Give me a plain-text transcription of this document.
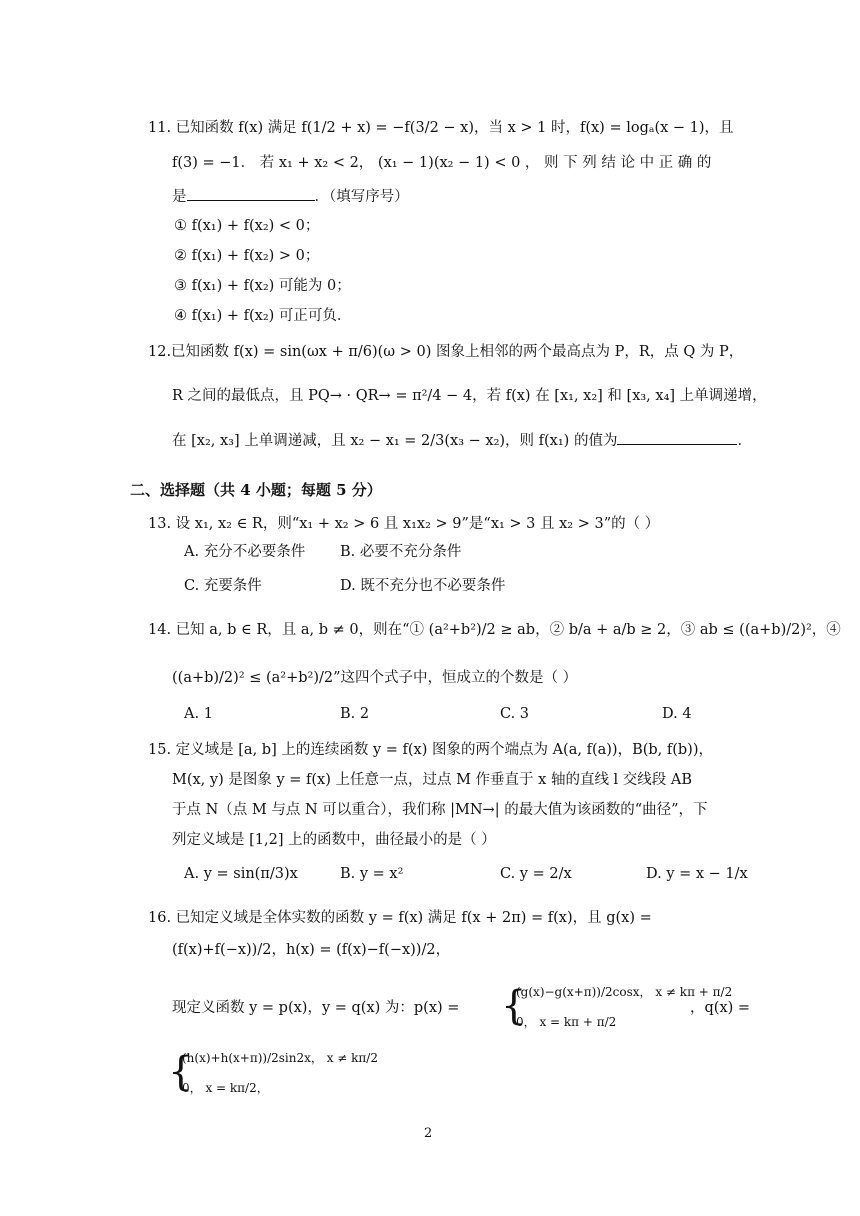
11. 已知函数 f(x) 满足 f(1/2 + x) = −f(3/2 − x)，当 x > 1 时，f(x) = logₐ(x − 1)，且
f(3) = −1． 若 x₁ + x₂ < 2， (x₁ − 1)(x₂ − 1) < 0 ， 则 下 列 结 论 中 正 确 的
是	．（填写序号）
① f(x₁) + f(x₂) < 0；
② f(x₁) + f(x₂) > 0；
③ f(x₁) + f(x₂) 可能为 0；
④ f(x₁) + f(x₂) 可正可负．
12.已知函数 f(x) = sin(ωx + π/6)(ω > 0) 图象上相邻的两个最高点为 P，R，点 Q 为 P，
R 之间的最低点，且 PQ→ · QR→ = π²/4 − 4，若 f(x) 在 [x₁, x₂] 和 [x₃, x₄] 上单调递增，
在 [x₂, x₃] 上单调递减，且 x₂ − x₁ = 2/3(x₃ − x₂)，则 f(x₁) 的值为	．
二、选择题（共 4 小题；每题 5 分）
13. 设 x₁, x₂ ∈ R，则“x₁ + x₂ > 6 且 x₁x₂ > 9”是“x₁ > 3 且 x₂ > 3”的（ ）
A. 充分不必要条件 B. 必要不充分条件
C. 充要条件	D. 既不充分也不必要条件
14. 已知 a, b ∈ R，且 a, b ≠ 0，则在“① (a²+b²)/2 ≥ ab，② b/a + a/b ≥ 2，③ ab ≤ ((a+b)/2)²，④
((a+b)/2)² ≤ (a²+b²)/2”这四个式子中，恒成立的个数是（ ）
A. 1	B. 2	C. 3	D. 4
15. 定义域是 [a, b] 上的连续函数 y = f(x) 图象的两个端点为 A(a, f(a))，B(b, f(b))，
M(x, y) 是图象 y = f(x) 上任意一点，过点 M 作垂直于 x 轴的直线 l 交线段 AB
于点 N（点 M 与点 N 可以重合），我们称 |MN→| 的最大值为该函数的“曲径”，下
列定义域是 [1,2] 上的函数中，曲径最小的是（ ）
A. y = sin(π/3)x	B. y = x²	C. y = 2/x	D. y = x − 1/x
16. 已知定义域是全体实数的函数 y = f(x) 满足 f(x + 2π) = f(x)，且 g(x) =
(f(x)+f(−x))/2，h(x) = (f(x)−f(−x))/2，
现定义函数 y = p(x)，y = q(x) 为：p(x) = {
(g(x)−g(x+π))/2cosx， x ≠ kπ + π/2
0， x = kπ + π/2
，q(x) =
{
(h(x)+h(x+π))/2sin2x， x ≠ kπ/2
0， x = kπ/2，
2
